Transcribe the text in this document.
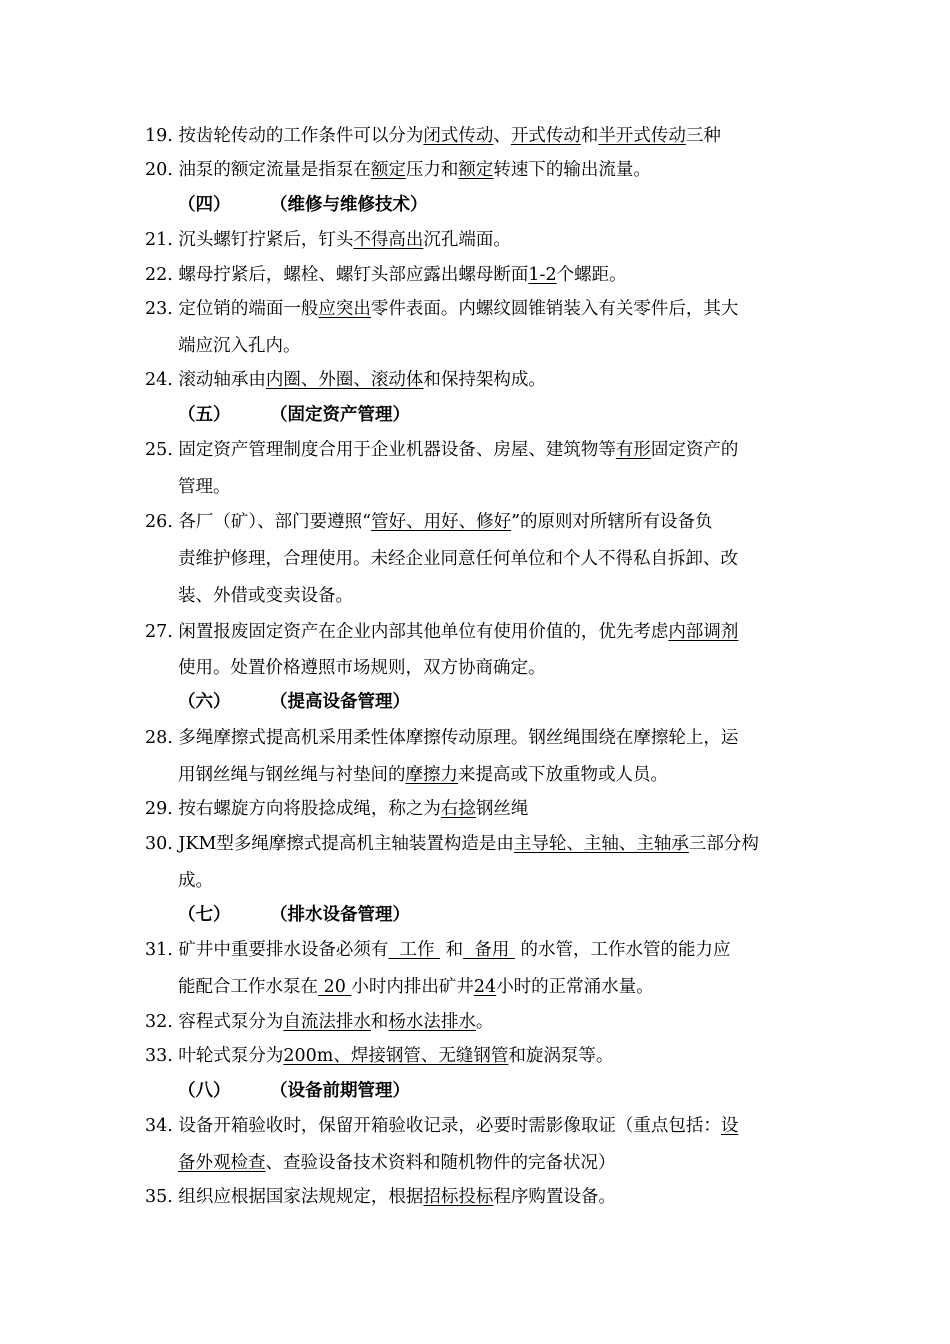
19. 按齿轮传动的工作条件可以分为闭式传动、开式传动和半开式传动三种
20. 油泵的额定流量是指泵在额定压力和额定转速下的输出流量。
（四） （维修与维修技术）
21. 沉头螺钉拧紧后，钉头不得高出沉孔端面。
22. 螺母拧紧后，螺栓、螺钉头部应露出螺母断面1-2个螺距。
23. 定位销的端面一般应突出零件表面。内螺纹圆锥销装入有关零件后，其大
端应沉入孔内。
24. 滚动轴承由内圈、外圈、滚动体和保持架构成。
（五） （固定资产管理）
25. 固定资产管理制度合用于企业机器设备、房屋、建筑物等有形固定资产的
管理。
26. 各厂（矿）、部门要遵照“管好、用好、修好”的原则对所辖所有设备负
责维护修理，合理使用。未经企业同意任何单位和个人不得私自拆卸、改
装、外借或变卖设备。
27. 闲置报废固定资产在企业内部其他单位有使用价值的，优先考虑内部调剂
使用。处置价格遵照市场规则，双方协商确定。
（六） （提高设备管理）
28. 多绳摩擦式提高机采用柔性体摩擦传动原理。钢丝绳围绕在摩擦轮上，运
用钢丝绳与钢丝绳与衬垫间的摩擦力来提高或下放重物或人员。
29. 按右螺旋方向将股捻成绳，称之为右捻钢丝绳
30. JKM型多绳摩擦式提高机主轴装置构造是由主导轮、主轴、主轴承三部分构
成。
（七） （排水设备管理）
31. 矿井中重要排水设备必须有  工作  和  备用  的水管，工作水管的能力应
能配合工作水泵在 20 小时内排出矿井24小时的正常涌水量。
32. 容程式泵分为自流法排水和杨水法排水。
33. 叶轮式泵分为200m、焊接钢管、无缝钢管和旋涡泵等。
（八） （设备前期管理）
34. 设备开箱验收时，保留开箱验收记录，必要时需影像取证（重点包括：设
备外观检查、查验设备技术资料和随机物件的完备状况）
35. 组织应根据国家法规规定，根据招标投标程序购置设备。
